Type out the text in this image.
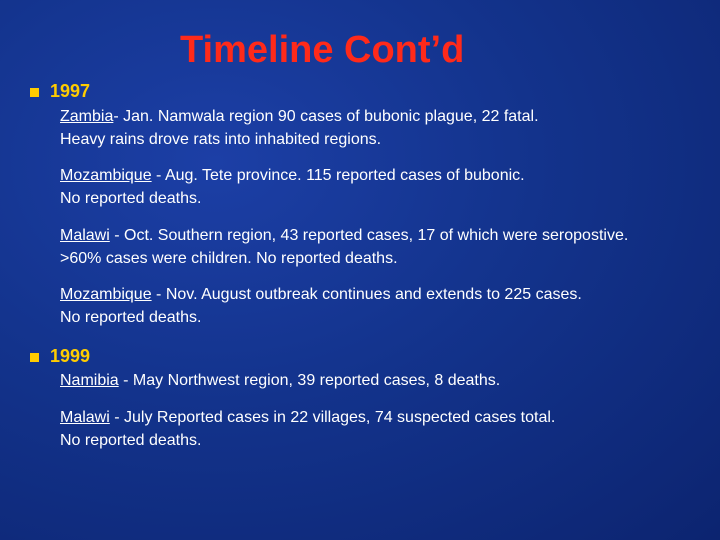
Timeline Cont’d
1997
Zambia- Jan. Namwala region 90 cases of bubonic plague, 22 fatal.
Heavy rains drove rats into inhabited regions.
Mozambique - Aug. Tete province. 115 reported cases of bubonic.
No reported deaths.
Malawi - Oct. Southern region, 43 reported cases, 17 of which were seropostive.
>60% cases were children. No reported deaths.
Mozambique - Nov. August outbreak continues and extends to 225 cases.
No reported deaths.
1999
Namibia - May Northwest region, 39 reported cases, 8 deaths.
Malawi - July Reported cases in 22 villages, 74 suspected cases total.
No reported deaths.
